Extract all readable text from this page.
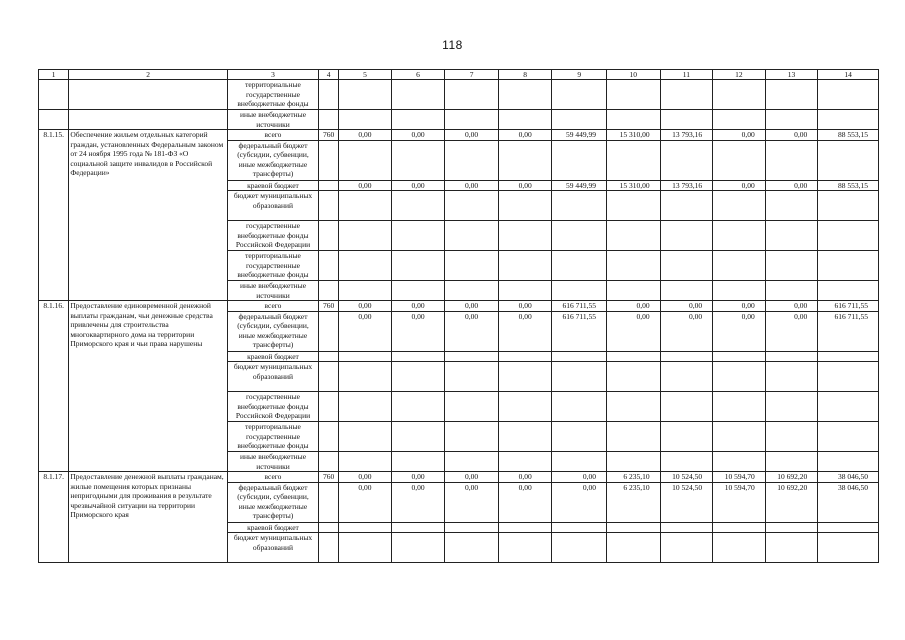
118
1	2	3	4	5	6	7	8	9	10	11	12	13	14
		территориальные государственные внебюджетные фонды											
		иные внебюджетные источники											
8.1.15.	Обеспечение жильем отдельных категорий граждан, установленных Федеральным законом от 24 ноября 1995 года № 181-ФЗ «О социальной защите инвалидов в Российской Федерации»	всего	760	0,00	0,00	0,00	0,00	59 449,99	15 310,00	13 793,16	0,00	0,00	88 553,15
		федеральный бюджет (субсидии, субвенции, иные межбюджетные трансферты)											
		краевой бюджет		0,00	0,00	0,00	0,00	59 449,99	15 310,00	13 793,16	0,00	0,00	88 553,15
		бюджет муниципальных образований											
		государственные внебюджетные фонды Российской Федерации											
		территориальные государственные внебюджетные фонды											
		иные внебюджетные источники											
8.1.16.	Предоставление единовременной денежной выплаты гражданам, чьи денежные средства привлечены для строительства многоквартирного дома на территории Приморского края и чьи права нарушены	всего	760	0,00	0,00	0,00	0,00	616 711,55	0,00	0,00	0,00	0,00	616 711,55
		федеральный бюджет (субсидии, субвенции, иные межбюджетные трансферты)		0,00	0,00	0,00	0,00	616 711,55	0,00	0,00	0,00	0,00	616 711,55
		краевой бюджет											
		бюджет муниципальных образований											
		государственные внебюджетные фонды Российской Федерации											
		территориальные государственные внебюджетные фонды											
		иные внебюджетные источники											
8.1.17.	Предоставление денежной выплаты гражданам, жилые помещения которых признаны непригодными для проживания в результате чрезвычайной ситуации на территории Приморского края	всего	760	0,00	0,00	0,00	0,00	0,00	6 235,10	10 524,50	10 594,70	10 692,20	38 046,50
		федеральный бюджет (субсидии, субвенции, иные межбюджетные трансферты)		0,00	0,00	0,00	0,00	0,00	6 235,10	10 524,50	10 594,70	10 692,20	38 046,50
		краевой бюджет											
		бюджет муниципальных образований											
